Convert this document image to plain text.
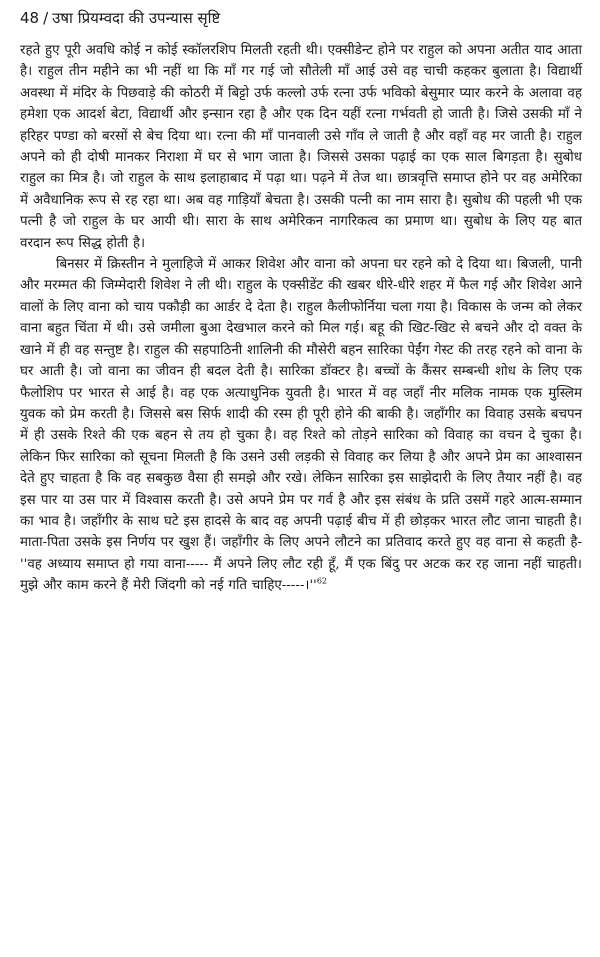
48 / उषा प्रियम्वदा की उपन्यास सृष्टि

रहते हुए पूरी अवधि कोई न कोई स्कॉलरशिप मिलती रहती थी। एक्सीडेन्ट होने पर राहुल को अपना अतीत याद आता है। राहुल तीन महीने का भी नहीं था कि माँ गर गई जो सौतेली माँ आई उसे वह चाची कहकर बुलाता है। विद्यार्थी अवस्था में मंदिर के पिछवाड़े की कोठरी में बिट्टो उर्फ कल्लो उर्फ रत्ना उर्फ भविको बेसुमार प्यार करने के अलावा वह हमेशा एक आदर्श बेटा, विद्यार्थी और इन्सान रहा है और एक दिन यहीं रत्ना गर्भवती हो जाती है। जिसे उसकी माँ ने हरिहर पण्डा को बरसों से बेच दिया था। रत्ना की माँ पानवाली उसे गाँव ले जाती है और वहाँ वह मर जाती है। राहुल अपने को ही दोषी मानकर निराशा में घर से भाग जाता है। जिससे उसका पढ़ाई का एक साल बिगड़ता है। सुबोध राहुल का मित्र है। जो राहुल के साथ इलाहाबाद में पढ़ा था। पढ़ने में तेज था। छात्रवृत्ति समाप्त होने पर वह अमेरिका में अवैधानिक रूप से रह रहा था। अब वह गाड़ियाँ बेचता है। उसकी पत्नी का नाम सारा है। सुबोध की पहली भी एक पत्नी है जो राहुल के घर आयी थी। सारा के साथ अमेरिकन नागरिकत्व का प्रमाण था। सुबोध के लिए यह बात वरदान रूप सिद्ध होती है।

बिनसर में क्रिस्तीन ने मुलाहिजे में आकर शिवेश और वाना को अपना घर रहने को दे दिया था। बिजली, पानी और मरम्मत की जिम्मेदारी शिवेश ने ली थी। राहुल के एक्सीडेंट की खबर धीरे-धीरे शहर में फैल गई और शिवेश आने वालों के लिए वाना को चाय पकौड़ी का आर्डर दे देता है। राहुल कैलीफोर्निया चला गया है। विकास के जन्म को लेकर वाना बहुत चिंता में थी। उसे जमीला बुआ देखभाल करने को मिल गई। बहू की खिट-खिट से बचने और दो वक्त के खाने में ही वह सन्तुष्ट है। राहुल की सहपाठिनी शालिनी की मौसेरी बहन सारिका पेईंग गेस्ट की तरह रहने को वाना के घर आती है। जो वाना का जीवन ही बदल देती है। सारिका डॉक्टर है। बच्चों के कैंसर सम्बन्धी शोध के लिए एक फैलोशिप पर भारत से आई है। वह एक अत्याधुनिक युवती है। भारत में वह जहाँ नीर मलिक नामक एक मुस्लिम युवक को प्रेम करती है। जिससे बस सिर्फ शादी की रस्म ही पूरी होने की बाकी है। जहाँगीर का विवाह उसके बचपन में ही उसके रिश्ते की एक बहन से तय हो चुका है। वह रिश्ते को तोड़ने सारिका को विवाह का वचन दे चुका है। लेकिन फिर सारिका को सूचना मिलती है कि उसने उसी लड़की से विवाह कर लिया है और अपने प्रेम का आश्वासन देते हुए चाहता है कि वह सबकुछ वैसा ही समझे और रखे। लेकिन सारिका इस साझेदारी के लिए तैयार नहीं है। वह इस पार या उस पार में विश्वास करती है। उसे अपने प्रेम पर गर्व है और इस संबंध के प्रति उसमें गहरे आत्म-सम्मान का भाव है। जहाँगीर के साथ घटे इस हादसे के बाद वह अपनी पढ़ाई बीच में ही छोड़कर भारत लौट जाना चाहती है। माता-पिता उसके इस निर्णय पर खुश हैं। जहाँगीर के लिए अपने लौटने का प्रतिवाद करते हुए वह वाना से कहती है- ''वह अध्याय समाप्त हो गया वाना----- मैं अपने लिए लौट रही हूँ, मैं एक बिंदु पर अटक कर रह जाना नहीं चाहती। मुझे और काम करने हैं मेरी जिंदगी को नई गति चाहिए-----।''$^{62}$
